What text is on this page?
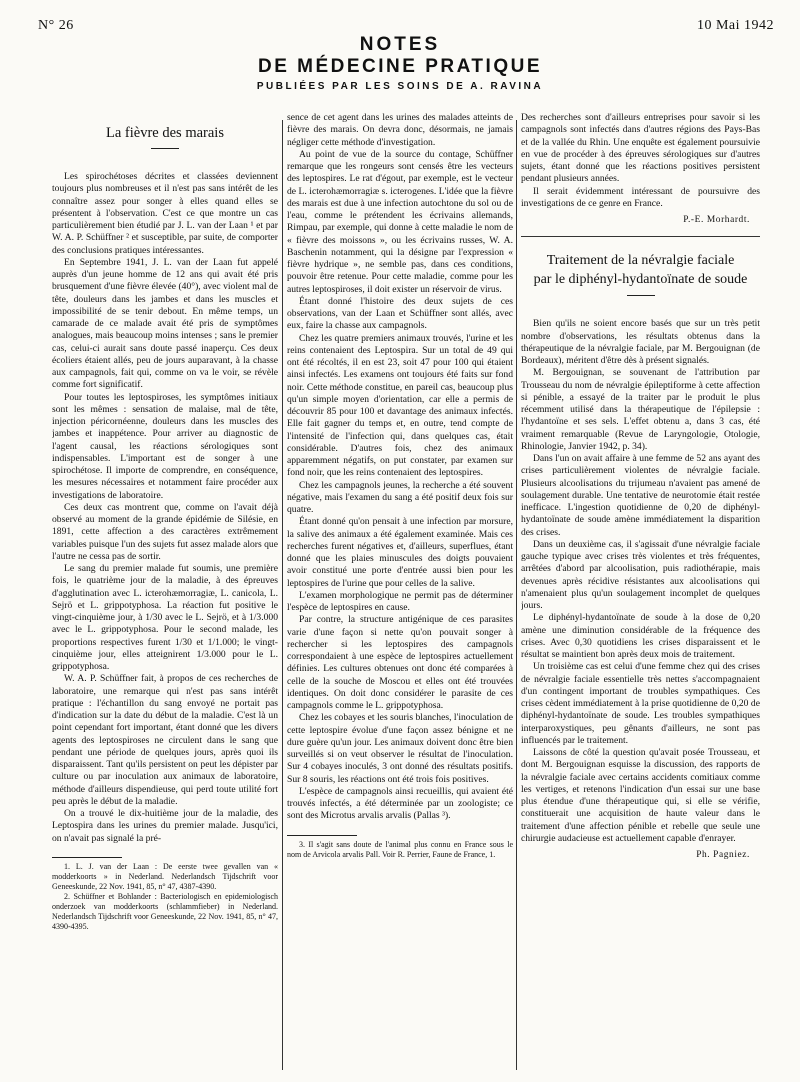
N° 26	10 Mai 1942
NOTES
DE MÉDECINE PRATIQUE
PUBLIÉES PAR LES SOINS DE A. RAVINA
La fièvre des marais

Les spirochétoses décrites et classées deviennent toujours plus nombreuses et il n'est pas sans intérêt de les connaître assez pour songer à elles quand elles se présentent à l'observation. C'est ce que montre un cas particulièrement bien étudié par J. L. van der Laan ¹ et par W. A. P. Schüffner ² et susceptible, par suite, de comporter des conclusions pratiques intéressantes.

En Septembre 1941, J. L. van der Laan fut appelé auprès d'un jeune homme de 12 ans qui avait été pris brusquement d'une fièvre élevée (40°), avec violent mal de tête, douleurs dans les jambes et dans les muscles et impossibilité de se tenir debout. En même temps, un camarade de ce malade avait été pris de symptômes analogues, mais beaucoup moins intenses ; sans le premier cas, celui-ci aurait sans doute passé inaperçu. Ces deux écoliers étaient allés, peu de jours auparavant, à la chasse aux campagnols, fait qui, comme on va le voir, se révèle comme fort significatif.

Pour toutes les leptospiroses, les symptômes initiaux sont les mêmes : sensation de malaise, mal de tête, injection péricornéenne, douleurs dans les muscles des jambes et inappétence. Pour arriver au diagnostic de l'agent causal, les réactions sérologiques sont indispensables. L'important est de songer à une spirochétose. Il importe de comprendre, en conséquence, les mesures nécessaires et notamment faire procéder aux investigations de laboratoire.

Ces deux cas montrent que, comme on l'avait déjà observé au moment de la grande épidémie de Silésie, en 1891, cette affection a des caractères extrêmement variables puisque l'un des sujets fut assez malade alors que l'autre ne cessa pas de sortir.

Le sang du premier malade fut soumis, une première fois, le quatrième jour de la maladie, à des épreuves d'agglutination avec L. icterohæmorragiæ, L. canicola, L. Sejrö et L. grippotyphosa. La réaction fut positive le vingt-cinquième jour, à 1/30 avec le L. Sejrö, et à 1/3.000 avec le L. grippotyphosa. Pour le second malade, les proportions respectives furent 1/30 et 1/1.000; le vingt-cinquième jour, elles atteignirent 1/3.000 pour le L. grippotyphosa.

W. A. P. Schüffner fait, à propos de ces recherches de laboratoire, une remarque qui n'est pas sans intérêt pratique : l'échantillon du sang envoyé ne portait pas d'indication sur la date du début de la maladie. C'est là un point cependant fort important, étant donné que les divers agents des leptospiroses ne circulent dans le sang que pendant une période de quelques jours, après quoi ils disparaissent. Tant qu'ils persistent on peut les dépister par culture ou par inoculation aux animaux de laboratoire, méthode d'ailleurs dispendieuse, qui perd toute utilité fort peu après le début de la maladie.

On a trouvé le dix-huitième jour de la maladie, des Leptospira dans les urines du premier malade. Jusqu'ici, on n'avait pas signalé la pré-

1. L. J. van der Laan : De eerste twee gevallen van « modderkoorts » in Nederland. Nederlandsch Tijdschrift voor Geneeskunde, 22 Nov. 1941, 85, n° 47, 4387-4390.

2. Schüffner et Bohlander : Bacteriologisch en epidemiologisch onderzoek van modderkoorts (schlammfieber) in Nederland. Nederlandsch Tijdschrift voor Geneeskunde, 22 Nov. 1941, 85, n° 47, 4390-4395.

sence de cet agent dans les urines des malades atteints de fièvre des marais. On devra donc, désormais, ne jamais négliger cette méthode d'investigation.

Au point de vue de la source du contage, Schüffner remarque que les rongeurs sont censés être les vecteurs des leptospires. Le rat d'égout, par exemple, est le vecteur de L. icterohæmorragiæ s. icterogenes. L'idée que la fièvre des marais est due à une infection autochtone du sol ou de l'eau, comme le prétendent les écrivains allemands, Rimpau, par exemple, qui donne à cette maladie le nom de « fièvre des moissons », ou les écrivains russes, W. A. Baschenin notamment, qui la désigne par l'expression « fièvre hydrique », ne semble pas, dans ces conditions, pouvoir être retenue. Pour cette maladie, comme pour les autres leptospiroses, il doit exister un réservoir de virus.

Étant donné l'histoire des deux sujets de ces observations, van der Laan et Schüffner sont allés, avec eux, faire la chasse aux campagnols.

Chez les quatre premiers animaux trouvés, l'urine et les reins contenaient des Leptospira. Sur un total de 49 qui ont été récoltés, il en est 23, soit 47 pour 100 qui étaient ainsi infectés. Les examens ont toujours été faits sur fond noir. Cette méthode constitue, en pareil cas, beaucoup plus qu'un simple moyen d'orientation, car elle a permis de découvrir 85 pour 100 et davantage des animaux infectés. Elle fait gagner du temps et, en outre, tend compte de l'intensité de l'infection qui, dans quelques cas, était considérable. D'autres fois, chez des animaux apparemment négatifs, on put constater, par examen sur fond noir, que les reins contenaient des leptospires.

Chez les campagnols jeunes, la recherche a été souvent négative, mais l'examen du sang a été positif deux fois sur quatre.

Étant donné qu'on pensait à une infection par morsure, la salive des animaux a été également examinée. Mais ces recherches furent négatives et, d'ailleurs, superflues, étant donné que les plaies minuscules des doigts pouvaient avoir constitué une porte d'entrée aussi bien pour les leptospires de l'urine que pour celles de la salive.

L'examen morphologique ne permit pas de déterminer l'espèce de leptospires en cause.

Par contre, la structure antigénique de ces parasites varie d'une façon si nette qu'on pouvait songer à rechercher si les leptospires des campagnols correspondaient à une espèce de leptospires actuellement définies. Les cultures obtenues ont donc été comparées à celle de la souche de Moscou et elles ont été trouvées identiques. On doit donc considérer le parasite de ces campagnols comme le L. grippotyphosa.

Chez les cobayes et les souris blanches, l'inoculation de cette leptospire évolue d'une façon assez bénigne et ne dure guère qu'un jour. Les animaux doivent donc être bien surveillés si on veut observer le résultat de l'inoculation. Sur 4 cobayes inoculés, 3 ont donné des résultats positifs. Sur 8 souris, les réactions ont été trois fois positives.

L'espèce de campagnols ainsi recueillis, qui avaient été trouvés infectés, a été déterminée par un zoologiste; ce sont des Microtus arvalis arvalis (Pallas ³).

3. Il s'agit sans doute de l'animal plus connu en France sous le nom de Arvicola arvalis Pall. Voir R. Perrier, Faune de France, 1.

Des recherches sont d'ailleurs entreprises pour savoir si les campagnols sont infectés dans d'autres régions des Pays-Bas et de la vallée du Rhin. Une enquête est également poursuivie en vue de procéder à des épreuves sérologiques sur d'autres sujets, étant donné que les réactions positives persistent pendant plusieurs années.

Il serait évidemment intéressant de poursuivre des investigations de ce genre en France.

P.-E. Morhardt.
Traitement de la névralgie faciale
par le diphényl-hydantoïnate de soude

Bien qu'ils ne soient encore basés que sur un très petit nombre d'observations, les résultats obtenus dans la thérapeutique de la névralgie faciale, par M. Bergouignan (de Bordeaux), méritent d'être dès à présent signalés.

M. Bergouignan, se souvenant de l'attribution par Trousseau du nom de névralgie épileptiforme à cette affection si pénible, a essayé de la traiter par le produit le plus récemment utilisé dans la thérapeutique de l'épilepsie : l'hydantoïne et ses sels. L'effet obtenu a, dans 3 cas, été vraiment remarquable (Revue de Laryngologie, Otologie, Rhinologie, Janvier 1942, p. 34).

Dans l'un on avait affaire à une femme de 52 ans ayant des crises particulièrement violentes de névralgie faciale. Plusieurs alcoolisations du trijumeau n'avaient pas amené de soulagement durable. Une tentative de neurotomie était restée inefficace. L'ingestion quotidienne de 0,20 de diphényl-hydantoïnate de soude amène immédiatement la disparition des crises.

Dans un deuxième cas, il s'agissait d'une névralgie faciale gauche typique avec crises très violentes et très fréquentes, arrêtées d'abord par alcoolisation, puis radiothérapie, mais devenues après récidive résistantes aux alcoolisations qui n'amenaient plus qu'un soulagement incomplet de quelques jours.

Le diphényl-hydantoïnate de soude à la dose de 0,20 amène une diminution considérable de la fréquence des crises. Avec 0,30 quotidiens les crises disparaissent et le résultat se maintient bon après deux mois de traitement.

Un troisième cas est celui d'une femme chez qui des crises de névralgie faciale essentielle très nettes s'accompagnaient d'un contingent important de troubles sympathiques. Ces crises cèdent immédiatement à la prise quotidienne de 0,20 de diphényl-hydantoïnate de soude. Les troubles sympathiques interparoxystiques, peu gênants d'ailleurs, ne sont pas influencés par le traitement.

Laissons de côté la question qu'avait posée Trousseau, et dont M. Bergouignan esquisse la discussion, des rapports de la névralgie faciale avec certains accidents comitiaux comme les vertiges, et retenons l'indication d'un essai sur une base plus étendue d'une thérapeutique qui, si elle se vérifie, constituerait une acquisition de haute valeur dans le traitement d'une affection pénible et rebelle que seule une chirurgie audacieuse est actuellement capable d'enrayer.

Ph. Pagniez.
